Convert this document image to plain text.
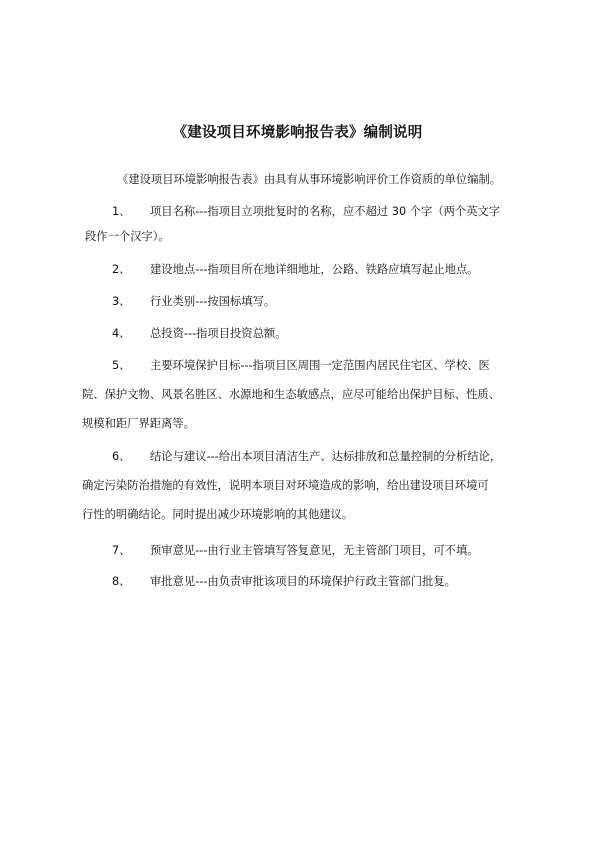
《建设项目环境影响报告表》编制说明
《建设项目环境影响报告表》由具有从事环境影响评价工作资质的单位编制。
1、 项目名称---指项目立项批复时的名称，应不超过 30 个字（两个英文字
段作一个汉字）。
2、 建设地点---指项目所在地详细地址，公路、铁路应填写起止地点。
3、 行业类别---按国标填写。
4、 总投资---指项目投资总额。
5、 主要环境保护目标---指项目区周围一定范围内居民住宅区、学校、医
院、保护文物、风景名胜区、水源地和生态敏感点，应尽可能给出保护目标、性质、
规模和距厂界距离等。
6、 结论与建议---给出本项目清洁生产、达标排放和总量控制的分析结论，
确定污染防治措施的有效性，说明本项目对环境造成的影响，给出建设项目环境可
行性的明确结论。同时提出减少环境影响的其他建议。
7、 预审意见---由行业主管填写答复意见，无主管部门项目，可不填。
8、 审批意见---由负责审批该项目的环境保护行政主管部门批复。
